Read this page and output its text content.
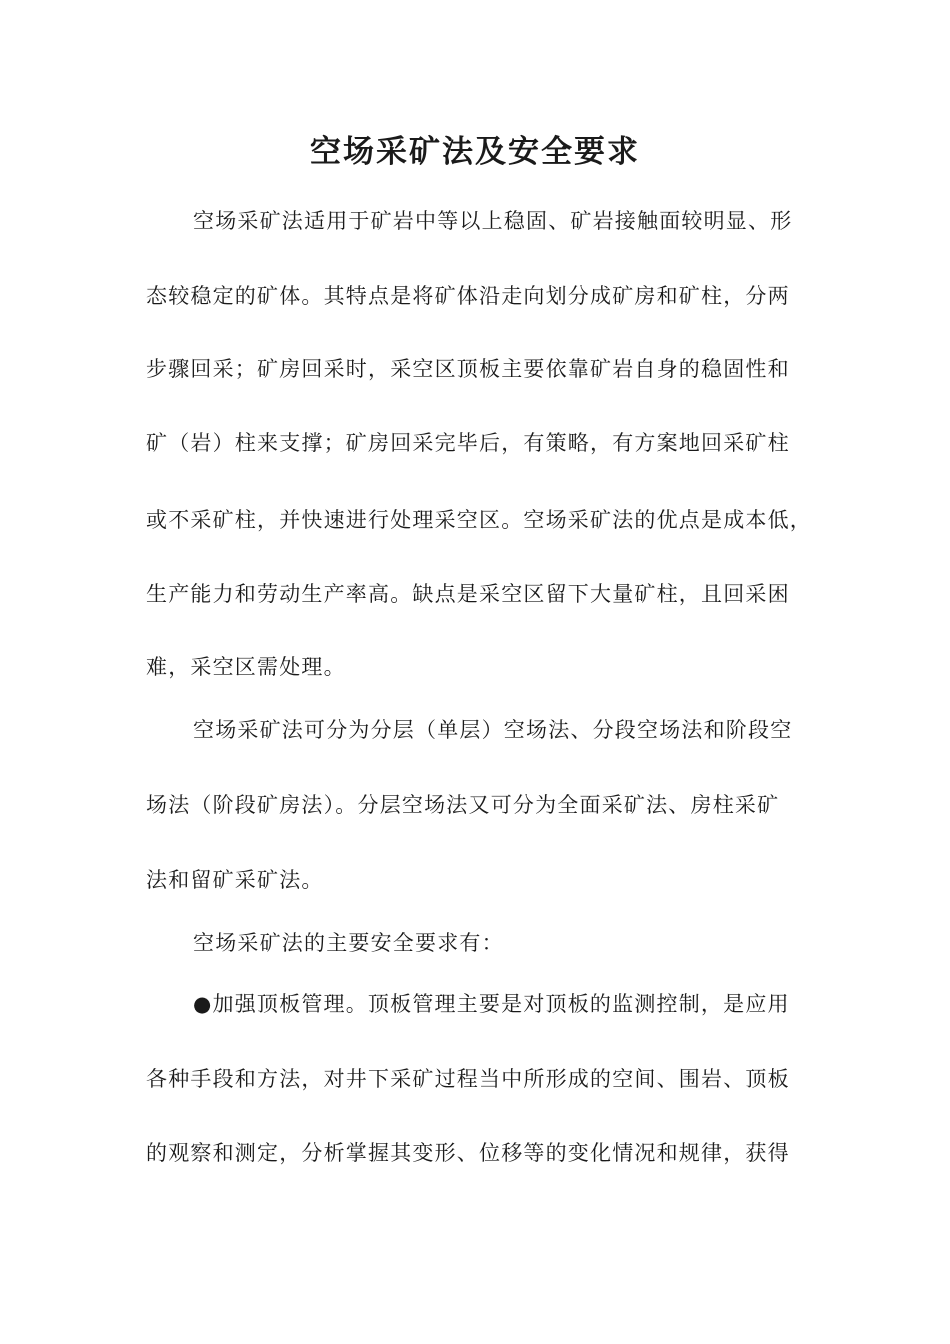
空场采矿法及安全要求
空场采矿法适用于矿岩中等以上稳固、矿岩接触面较明显、形
态较稳定的矿体。其特点是将矿体沿走向划分成矿房和矿柱，分两
步骤回采；矿房回采时，采空区顶板主要依靠矿岩自身的稳固性和
矿（岩）柱来支撑；矿房回采完毕后，有策略，有方案地回采矿柱
或不采矿柱，并快速进行处理采空区。空场采矿法的优点是成本低，
生产能力和劳动生产率高。缺点是采空区留下大量矿柱，且回采困
难，采空区需处理。
空场采矿法可分为分层（单层）空场法、分段空场法和阶段空
场法（阶段矿房法）。分层空场法又可分为全面采矿法、房柱采矿
法和留矿采矿法。
空场采矿法的主要安全要求有：
●加强顶板管理。顶板管理主要是对顶板的监测控制，是应用
各种手段和方法，对井下采矿过程当中所形成的空间、围岩、顶板
的观察和测定，分析掌握其变形、位移等的变化情况和规律，获得
